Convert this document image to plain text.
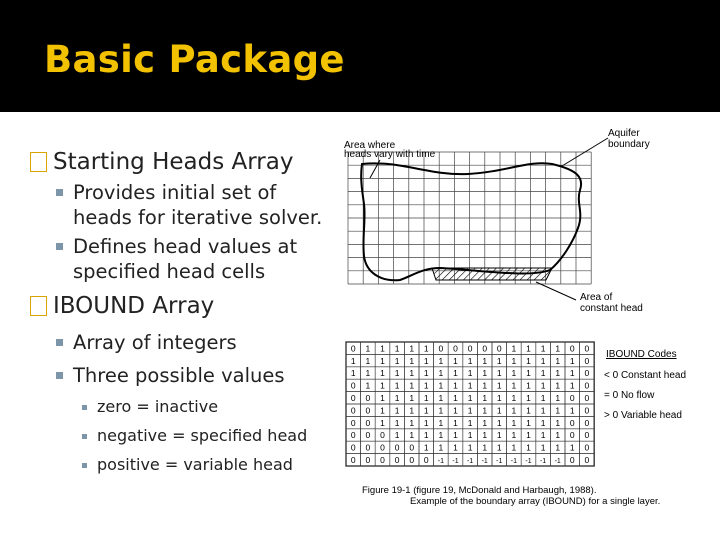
Basic Package
Starting Heads Array
Provides initial set of heads for iterative solver.
Defines head values at specified head cells
IBOUND Array
Array of integers
Three possible values
zero = inactive
negative = specified head
positive = variable head
Area where
heads vary with time
Aquifer
boundary
Area of
constant head
0 1 1 1 1 1 0 0 0 0 0 1 1 1 1 0 0
1 1 1 1 1 1 1 1 1 1 1 1 1 1 1 1 0
1 1 1 1 1 1 1 1 1 1 1 1 1 1 1 1 0
0 1 1 1 1 1 1 1 1 1 1 1 1 1 1 1 0
0 0 1 1 1 1 1 1 1 1 1 1 1 1 1 0 0
0 0 1 1 1 1 1 1 1 1 1 1 1 1 1 1 0
0 0 1 1 1 1 1 1 1 1 1 1 1 1 1 0 0
0 0 0 1 1 1 1 1 1 1 1 1 1 1 1 0 0
0 0 0 0 0 1 1 1 1 1 1 1 1 1 1 1 0
0 0 0 0 0 0 -1 -1 -1 -1 -1 -1 -1 -1 -1 0 0
IBOUND Codes
< 0 Constant head
= 0 No flow
> 0 Variable head
Figure 19-1 (figure 19, McDonald and Harbaugh, 1988).
Example of the boundary array (IBOUND) for a single layer.
